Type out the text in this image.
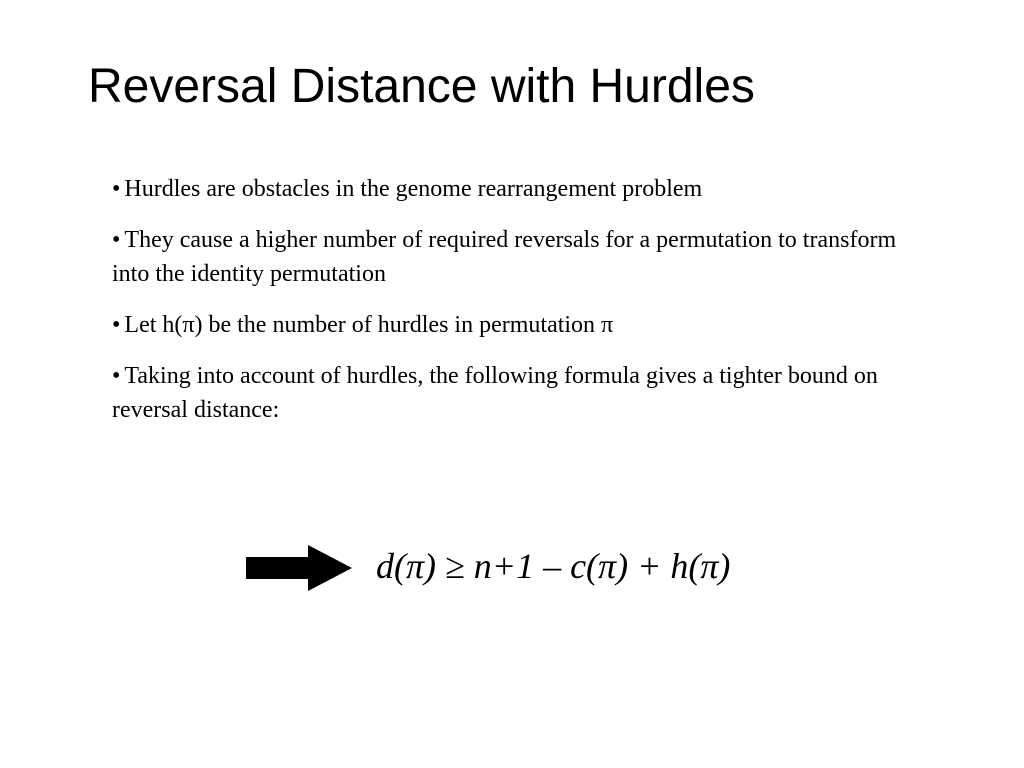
Reversal Distance with Hurdles
• Hurdles are obstacles in the genome rearrangement problem
• They cause a higher number of required reversals for a permutation to transform into the identity permutation
• Let h(π) be the number of hurdles in permutation π
• Taking into account of hurdles, the following formula gives a tighter bound on reversal distance:

d(π) ≥ n+1 – c(π) + h(π)
